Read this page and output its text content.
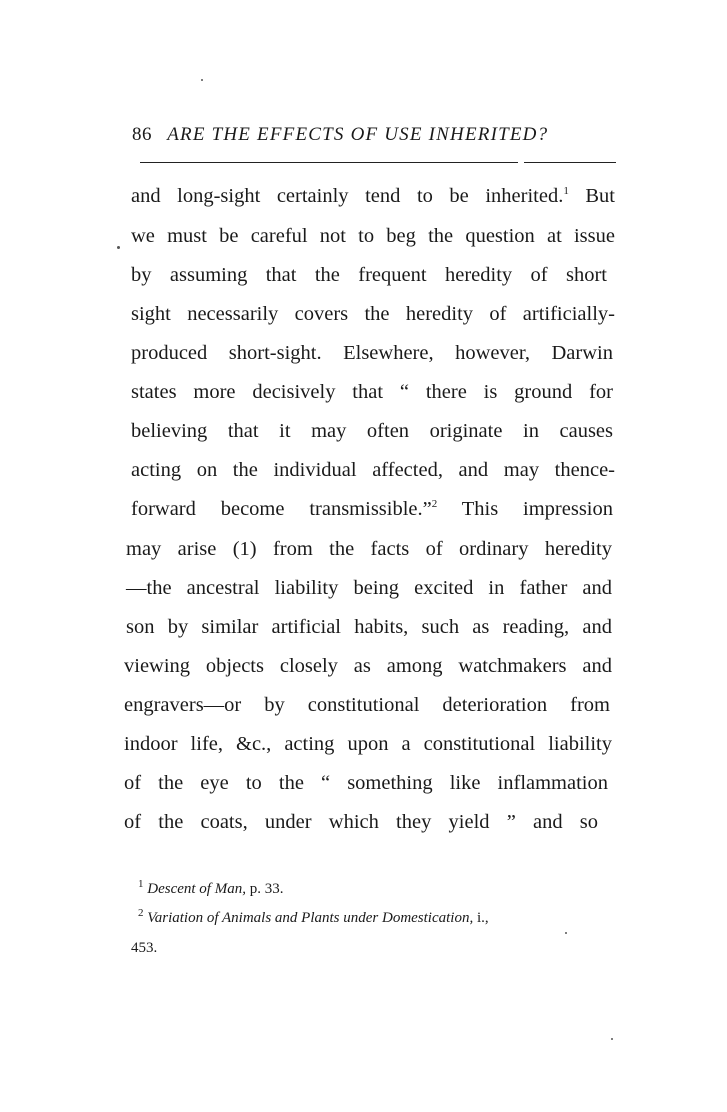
86 ARE THE EFFECTS OF USE INHERITED?
and long-sight certainly tend to be inherited.$^1$ But
we must be careful not to beg the question at issue
by assuming that the frequent heredity of short
sight necessarily covers the heredity of artificially-
produced short-sight. Elsewhere, however, Darwin
states more decisively that “ there is ground for
believing that it may often originate in causes
acting on the individual affected, and may thence-
forward become transmissible.”$^2$ This impression
may arise (1) from the facts of ordinary heredity
—the ancestral liability being excited in father and
son by similar artificial habits, such as reading, and
viewing objects closely as among watchmakers and
engravers—or by constitutional deterioration from
indoor life, &c., acting upon a constitutional liability
of the eye to the “ something like inflammation
of the coats, under which they yield ” and so
$^1$ Descent of Man, p. 33.
$^2$ Variation of Animals and Plants under Domestication, i.,
453.
